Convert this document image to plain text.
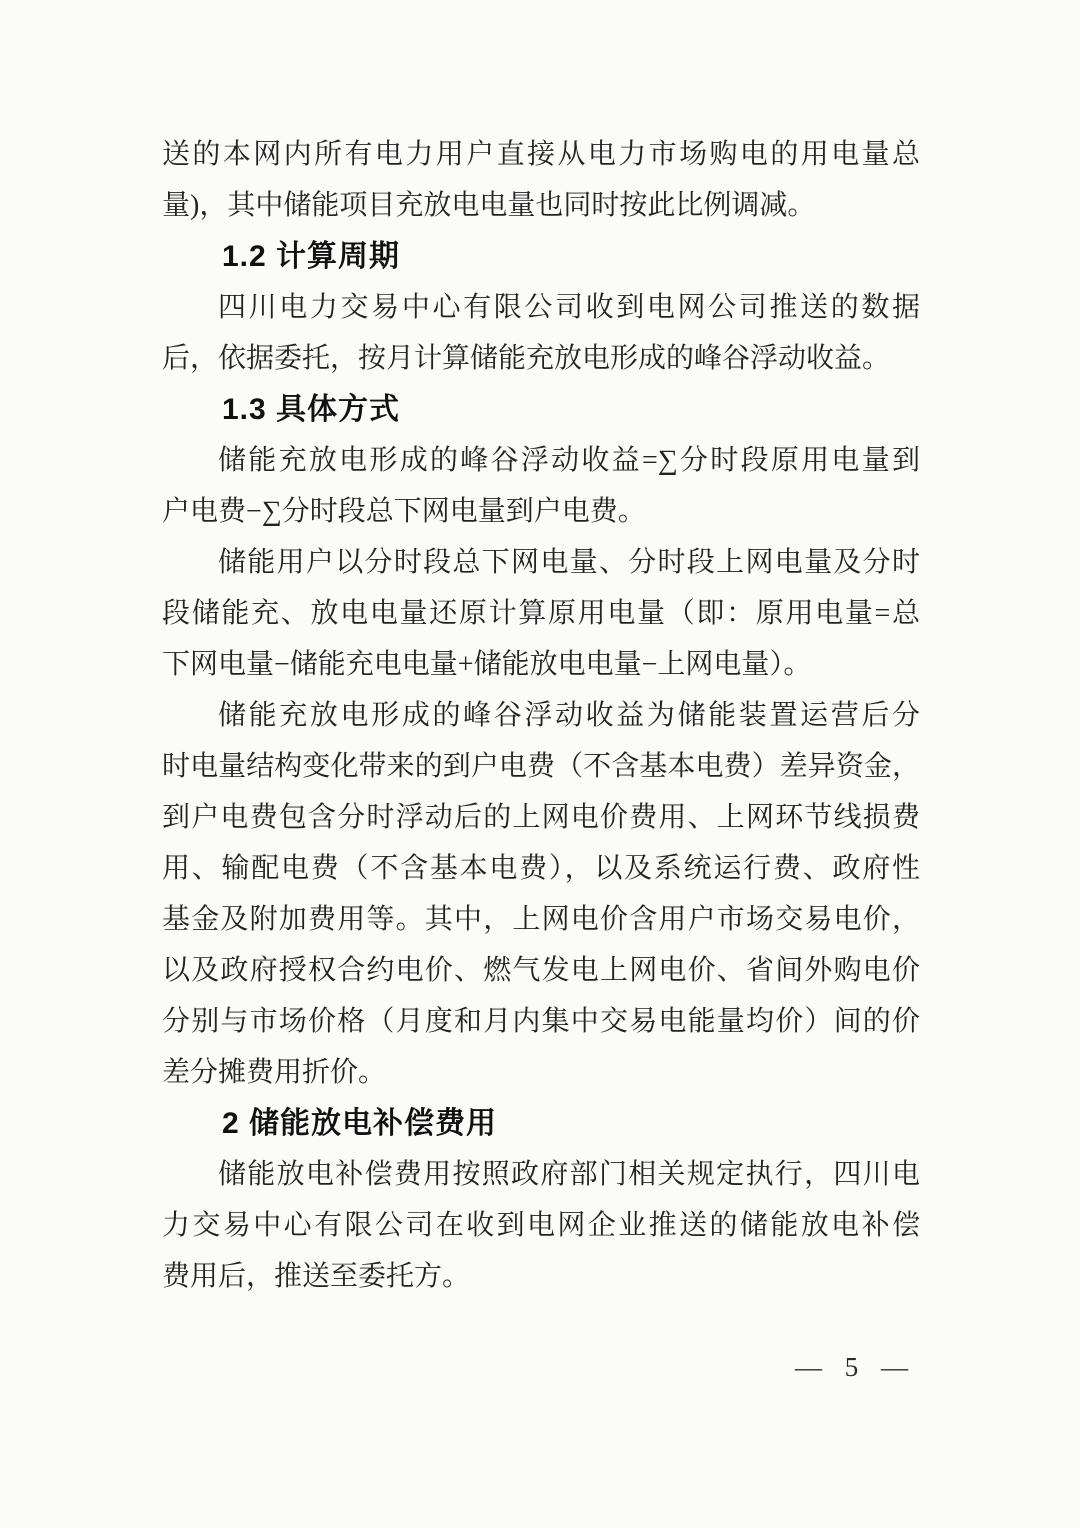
送的本网内所有电力用户直接从电力市场购电的用电量总
量)，其中储能项目充放电电量也同时按此比例调减。
1.2 计算周期
四川电力交易中心有限公司收到电网公司推送的数据
后，依据委托，按月计算储能充放电形成的峰谷浮动收益。
1.3 具体方式
储能充放电形成的峰谷浮动收益=∑分时段原用电量到
户电费−∑分时段总下网电量到户电费。
储能用户以分时段总下网电量、分时段上网电量及分时
段储能充、放电电量还原计算原用电量（即：原用电量=总
下网电量−储能充电电量+储能放电电量−上网电量）。
储能充放电形成的峰谷浮动收益为储能装置运营后分
时电量结构变化带来的到户电费（不含基本电费）差异资金，
到户电费包含分时浮动后的上网电价费用、上网环节线损费
用、输配电费（不含基本电费），以及系统运行费、政府性
基金及附加费用等。其中，上网电价含用户市场交易电价，
以及政府授权合约电价、燃气发电上网电价、省间外购电价
分别与市场价格（月度和月内集中交易电能量均价）间的价
差分摊费用折价。
2 储能放电补偿费用
储能放电补偿费用按照政府部门相关规定执行，四川电
力交易中心有限公司在收到电网企业推送的储能放电补偿
费用后，推送至委托方。
— 5 —
